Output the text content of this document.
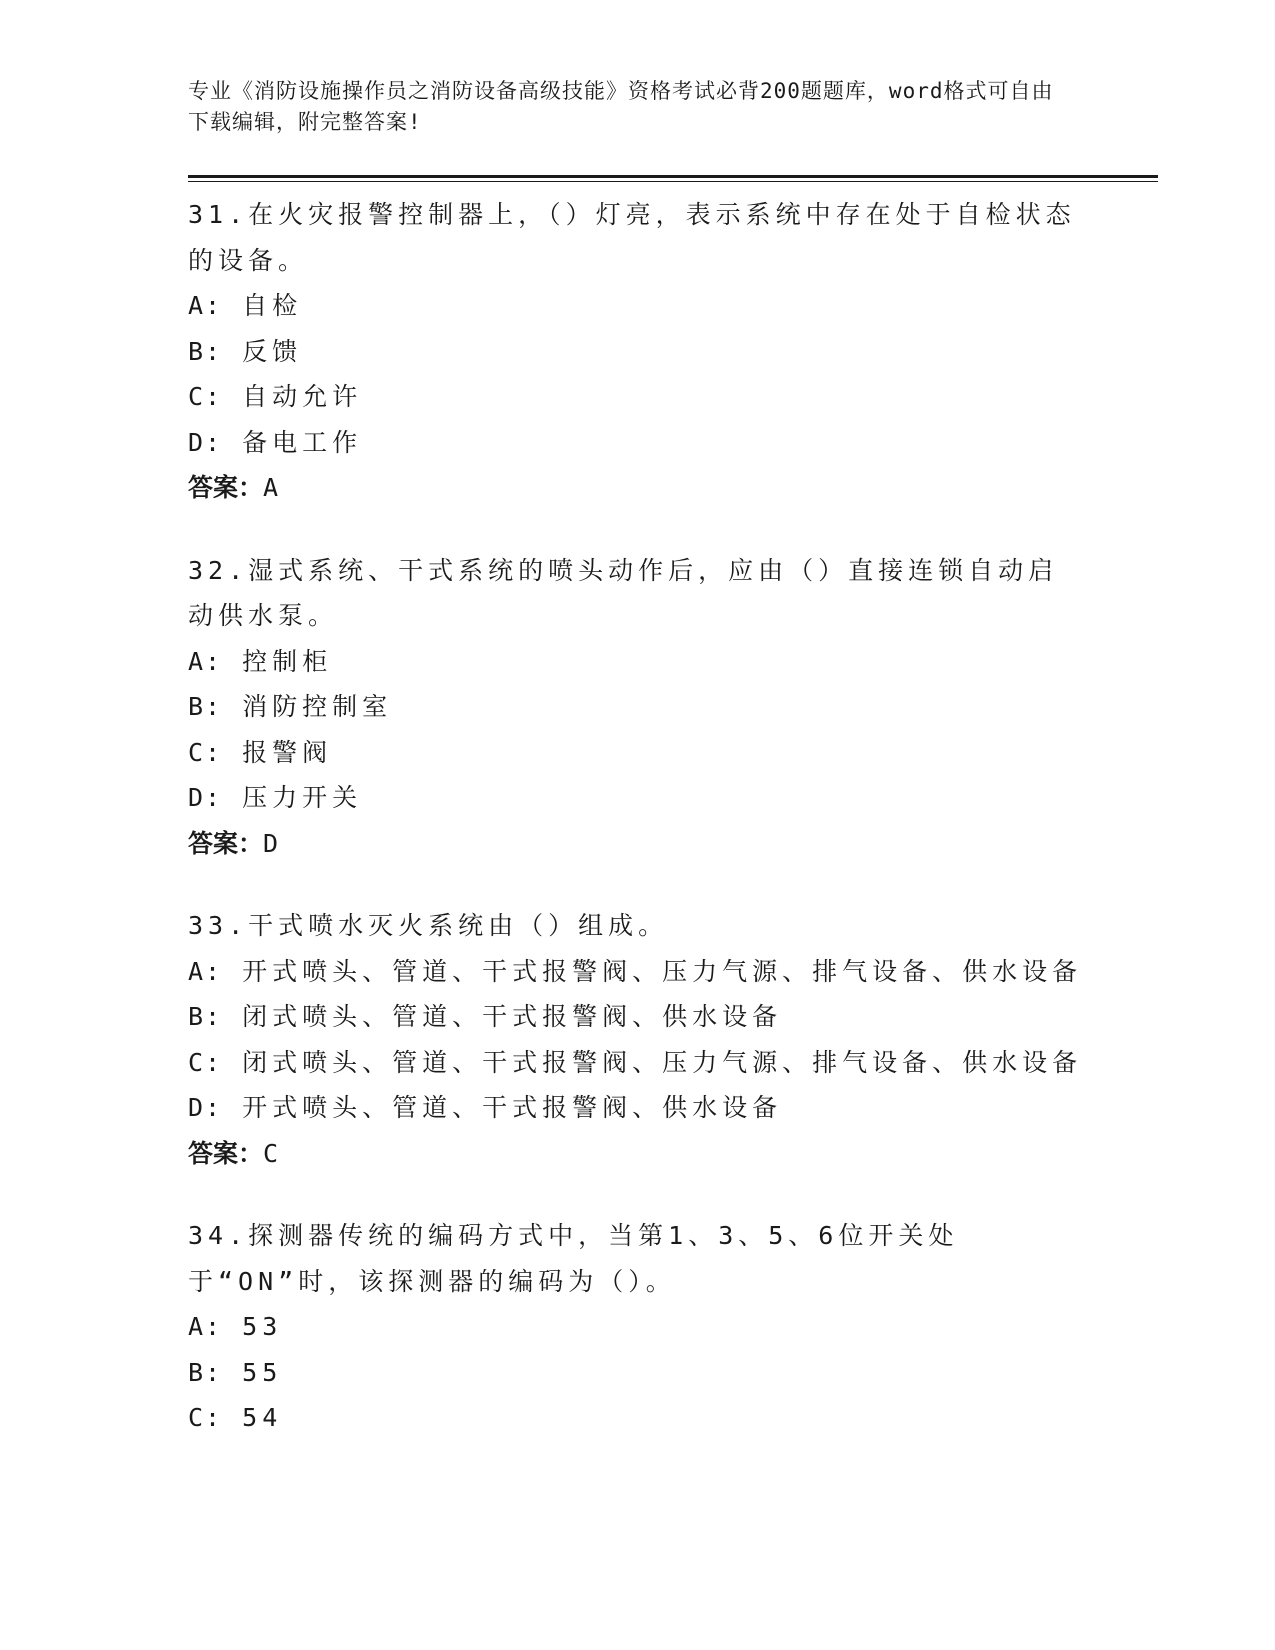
专业《消防设施操作员之消防设备高级技能》资格考试必背200题题库，word格式可自由下载编辑，附完整答案!
31.在火灾报警控制器上，（）灯亮，表示系统中存在处于自检状态的设备。
A: 自检
B: 反馈
C: 自动允许
D: 备电工作
答案：A
32.湿式系统、干式系统的喷头动作后，应由（）直接连锁自动启动供水泵。
A: 控制柜
B: 消防控制室
C: 报警阀
D: 压力开关
答案：D
33.干式喷水灭火系统由（）组成。
A: 开式喷头、管道、干式报警阀、压力气源、排气设备、供水设备
B: 闭式喷头、管道、干式报警阀、供水设备
C: 闭式喷头、管道、干式报警阀、压力气源、排气设备、供水设备
D: 开式喷头、管道、干式报警阀、供水设备
答案：C
34.探测器传统的编码方式中，当第1、3、5、6位开关处于“ON”时，该探测器的编码为（）。
A: 53
B: 55
C: 54
